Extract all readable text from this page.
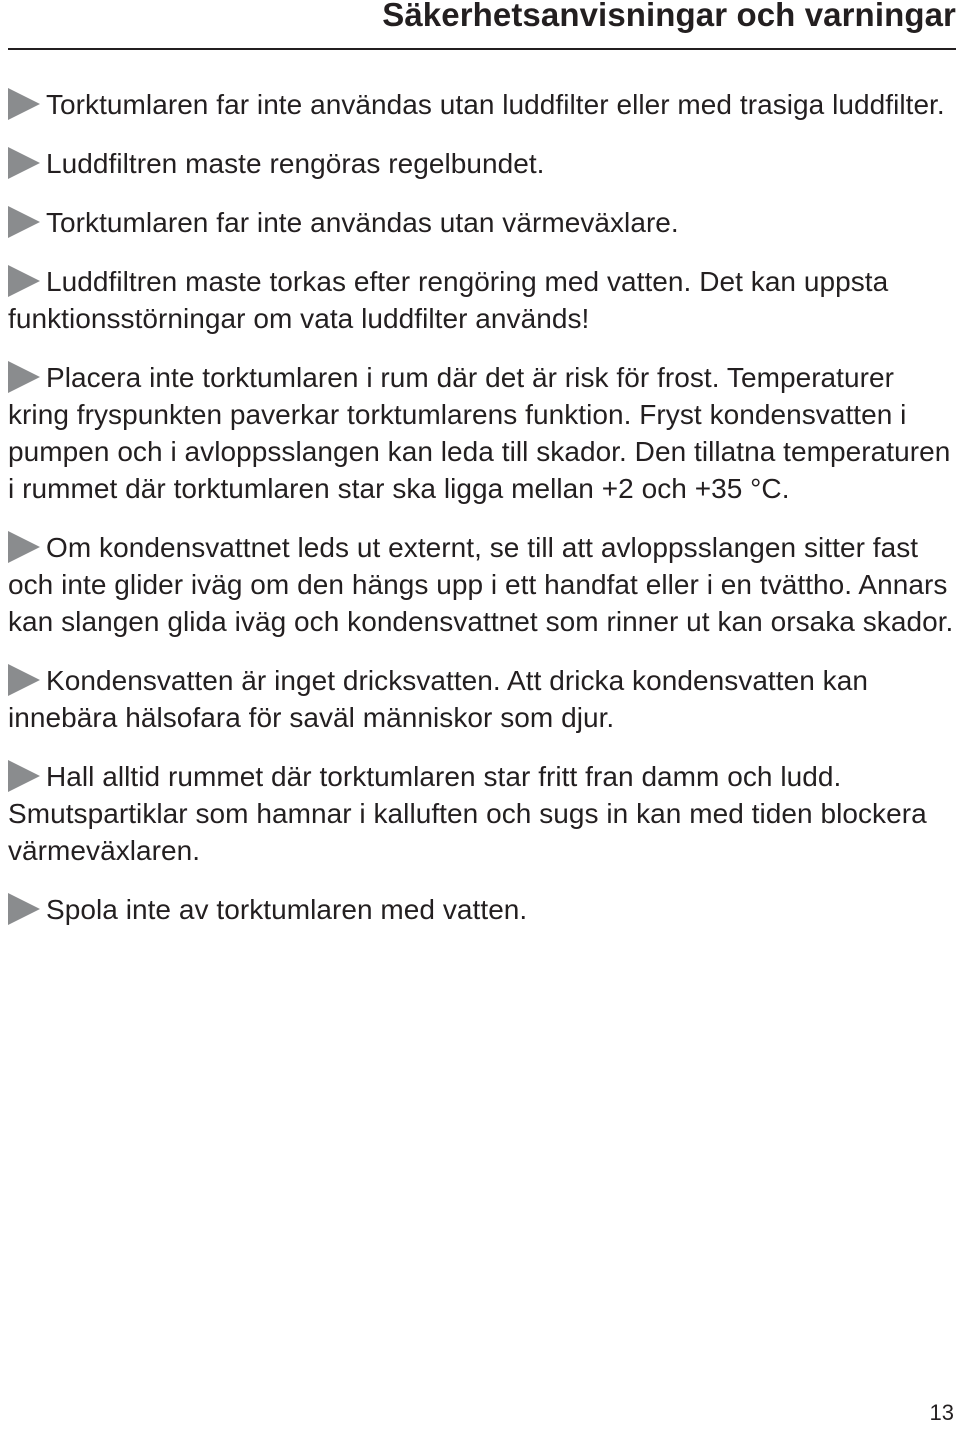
Säkerhetsanvisningar och varningar

Torktumlaren far inte användas utan luddfilter eller med trasiga luddfilter.

Luddfiltren maste rengöras regelbundet.

Torktumlaren far inte användas utan värmeväxlare.

Luddfiltren maste torkas efter rengöring med vatten. Det kan uppsta funktionsstörningar om vata luddfilter används!

Placera inte torktumlaren i rum där det är risk för frost. Temperaturer kring fryspunkten paverkar torktumlarens funktion. Fryst kondensvatten i pumpen och i avloppsslangen kan leda till skador. Den tillatna temperaturen i rummet där torktumlaren star ska ligga mellan +2 och +35 °C.

Om kondensvattnet leds ut externt, se till att avloppsslangen sitter fast och inte glider iväg om den hängs upp i ett handfat eller i en tvättho. Annars kan slangen glida iväg och kondensvattnet som rinner ut kan orsaka skador.

Kondensvatten är inget dricksvatten. Att dricka kondensvatten kan innebära hälsofara för saväl människor som djur.

Hall alltid rummet där torktumlaren star fritt fran damm och ludd. Smutspartiklar som hamnar i kalluften och sugs in kan med tiden blockera värmeväxlaren.

Spola inte av torktumlaren med vatten.

13
